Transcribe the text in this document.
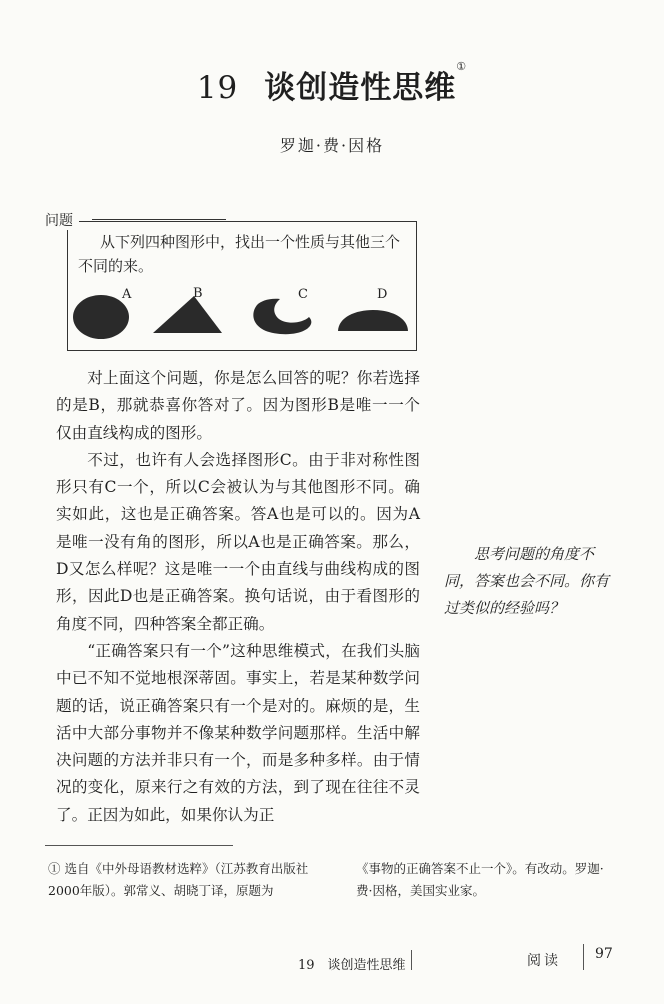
19 谈创造性思维①
罗迦·费·因格
问题
从下列四种图形中，找出一个性质与其他三个不同的来。
A	B	C	D

对上面这个问题，你是怎么回答的呢？你若选择的是B，那就恭喜你答对了。因为图形B是唯一一个仅由直线构成的图形。

不过，也许有人会选择图形C。由于非对称性图形只有C一个，所以C会被认为与其他图形不同。确实如此，这也是正确答案。答A也是可以的。因为A是唯一没有角的图形，所以A也是正确答案。那么，D又怎么样呢？这是唯一一个由直线与曲线构成的图形，因此D也是正确答案。换句话说，由于看图形的角度不同，四种答案全都正确。

“正确答案只有一个”这种思维模式，在我们头脑中已不知不觉地根深蒂固。事实上，若是某种数学问题的话，说正确答案只有一个是对的。麻烦的是，生活中大部分事物并不像某种数学问题那样。生活中解决问题的方法并非只有一个，而是多种多样。由于情况的变化，原来行之有效的方法，到了现在往往不灵了。正因为如此，如果你认为正

思考问题的角度不同，答案也会不同。你有过类似的经验吗？
① 选自《中外母语教材选粹》（江苏教育出版社2000年版）。郭常义、胡晓丁译，原题为
《事物的正确答案不止一个》。有改动。罗迦·费·因格，美国实业家。
19　谈创造性思维	阅读 97
